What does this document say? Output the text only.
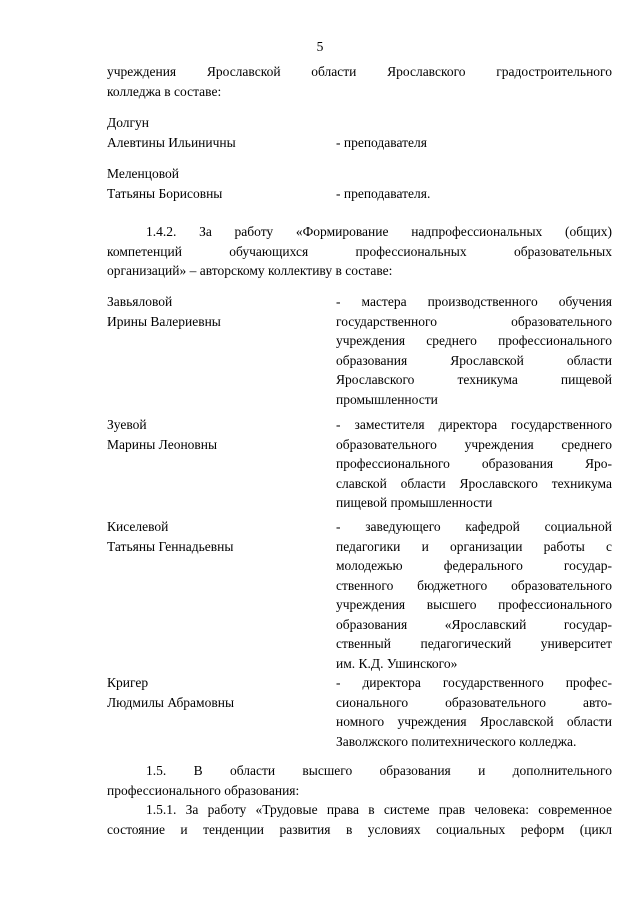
5
учреждения Ярославской области Ярославского градостроительного
колледжа в составе:
Долгун
Алевтины Ильиничны	- преподавателя
Меленцовой
Татьяны Борисовны	- преподавателя.
1.4.2. За работу «Формирование надпрофессиональных (общих)
компетенций обучающихся профессиональных образовательных
организаций» – авторскому коллективу в составе:
Завьяловой
Ирины Валериевны
- мастера производственного обучения
государственного образовательного
учреждения среднего профессионального
образования Ярославской области
Ярославского техникума пищевой
промышленности
Зуевой
Марины Леоновны
- заместителя директора государственного
образовательного учреждения среднего
профессионального образования Яро-
славской области Ярославского техникума
пищевой промышленности
Киселевой
Татьяны Геннадьевны
- заведующего кафедрой социальной
педагогики и организации работы с
молодежью федерального государ-
ственного бюджетного образовательного
учреждения высшего профессионального
образования «Ярославский государ-
ственный педагогический университет
им. К.Д. Ушинского»
Кригер
Людмилы Абрамовны
- директора государственного профес-
сионального образовательного авто-
номного учреждения Ярославской области
Заволжского политехнического колледжа.
1.5. В области высшего образования и дополнительного
профессионального образования:
1.5.1. За работу «Трудовые права в системе прав человека: современное
состояние и тенденции развития в условиях социальных реформ (цикл
